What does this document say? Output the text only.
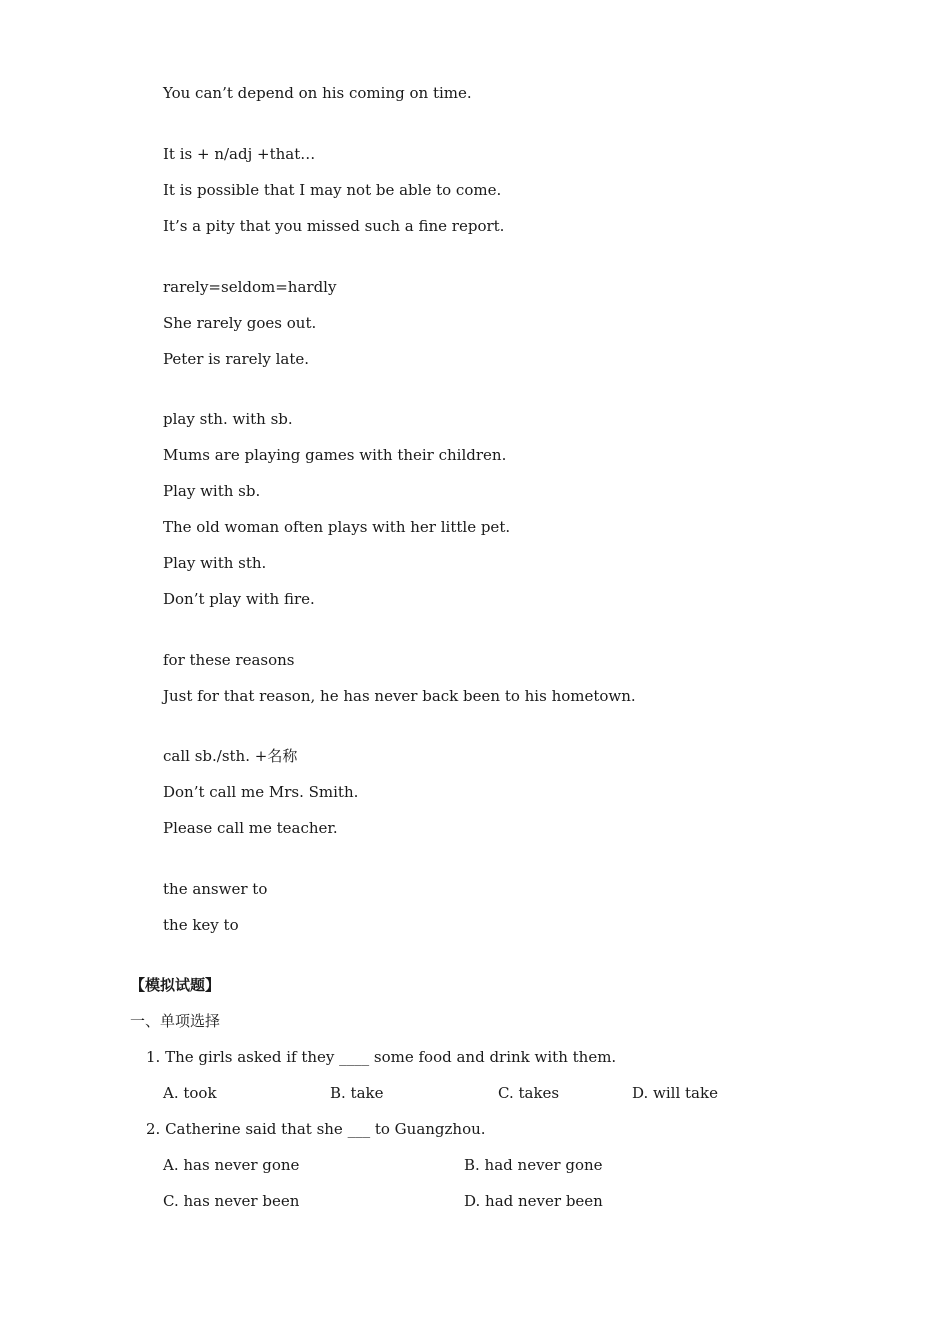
You can’t depend on his coming on time.
It is + n/adj +that…
It is possible that I may not be able to come.
It’s a pity that you missed such a fine report.
rarely=seldom=hardly
She rarely goes out.
Peter is rarely late.
play sth. with sb.
Mums are playing games with their children.
Play with sb.
The old woman often plays with her little pet.
Play with sth.
Don’t play with fire.
for these reasons
Just for that reason, he has never back been to his hometown.
call sb./sth. +名称
Don’t call me Mrs. Smith.
Please call me teacher.
the answer to
the key to
【模拟试题】
一、单项选择
1. The girls asked if they ____ some food and drink with them.
A. took	B. take	C. takes	D. will take
2. Catherine said that she ___ to Guangzhou.
A. has never gone	B. had never gone
C. has never been	D. had never been
